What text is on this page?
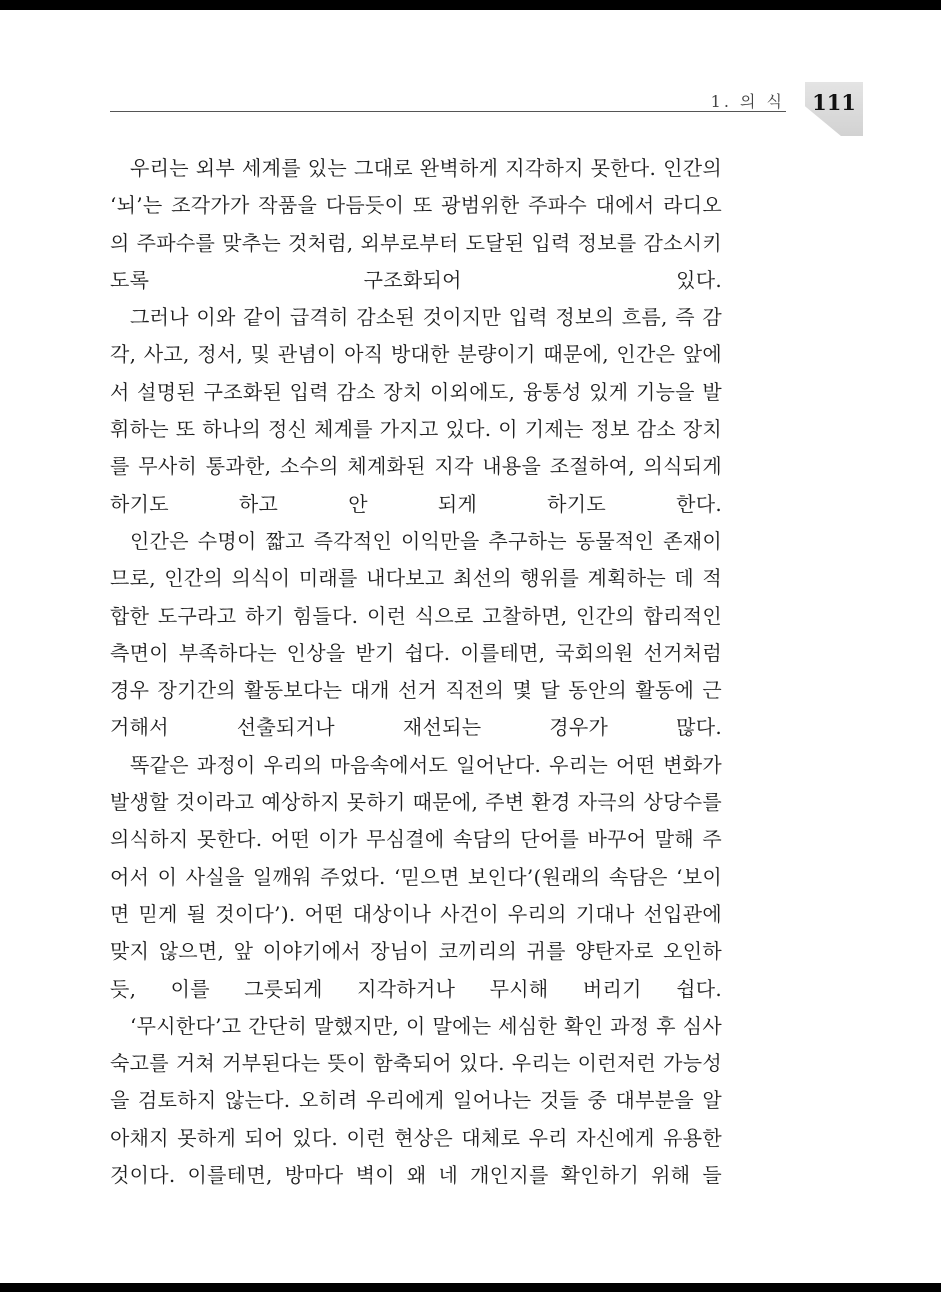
1. 의 식	111

우리는 외부 세계를 있는 그대로 완벽하게 지각하지 못한다. 인간의 ‘뇌’는 조각가가 작품을 다듬듯이 또 광범위한 주파수 대에서 라디오의 주파수를 맞추는 것처럼, 외부로부터 도달된 입력 정보를 감소시키도록 구조화되어 있다.

그러나 이와 같이 급격히 감소된 것이지만 입력 정보의 흐름, 즉 감각, 사고, 정서, 및 관념이 아직 방대한 분량이기 때문에, 인간은 앞에서 설명된 구조화된 입력 감소 장치 이외에도, 융통성 있게 기능을 발휘하는 또 하나의 정신 체계를 가지고 있다. 이 기제는 정보 감소 장치를 무사히 통과한, 소수의 체계화된 지각 내용을 조절하여, 의식되게 하기도 하고 안 되게 하기도 한다.

인간은 수명이 짧고 즉각적인 이익만을 추구하는 동물적인 존재이므로, 인간의 의식이 미래를 내다보고 최선의 행위를 계획하는 데 적합한 도구라고 하기 힘들다. 이런 식으로 고찰하면, 인간의 합리적인 측면이 부족하다는 인상을 받기 쉽다. 이를테면, 국회의원 선거처럼 경우 장기간의 활동보다는 대개 선거 직전의 몇 달 동안의 활동에 근거해서 선출되거나 재선되는 경우가 많다.

똑같은 과정이 우리의 마음속에서도 일어난다. 우리는 어떤 변화가 발생할 것이라고 예상하지 못하기 때문에, 주변 환경 자극의 상당수를 의식하지 못한다. 어떤 이가 무심결에 속담의 단어를 바꾸어 말해 주어서 이 사실을 일깨워 주었다. ‘믿으면 보인다’(원래의 속담은 ‘보이면 믿게 될 것이다’). 어떤 대상이나 사건이 우리의 기대나 선입관에 맞지 않으면, 앞 이야기에서 장님이 코끼리의 귀를 양탄자로 오인하듯, 이를 그릇되게 지각하거나 무시해 버리기 쉽다.

‘무시한다’고 간단히 말했지만, 이 말에는 세심한 확인 과정 후 심사숙고를 거쳐 거부된다는 뜻이 함축되어 있다. 우리는 이런저런 가능성을 검토하지 않는다. 오히려 우리에게 일어나는 것들 중 대부분을 알아채지 못하게 되어 있다. 이런 현상은 대체로 우리 자신에게 유용한 것이다. 이를테면, 방마다 벽이 왜 네 개인지를 확인하기 위해 들
